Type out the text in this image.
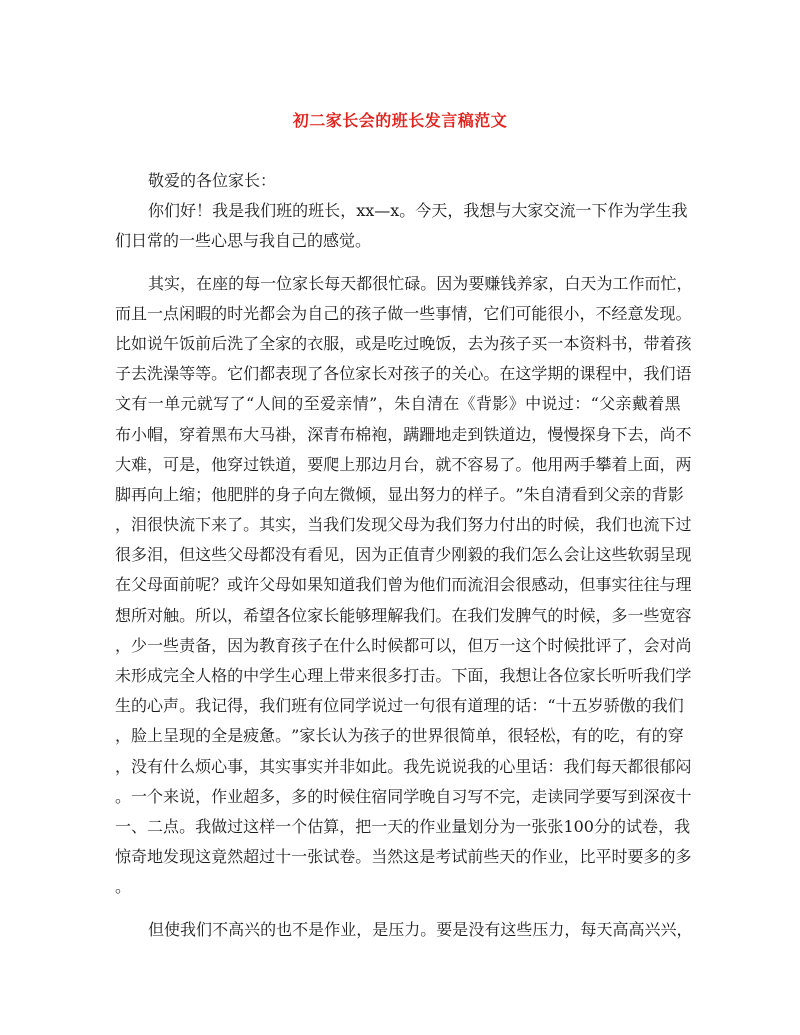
初二家长会的班长发言稿范文
敬爱的各位家长：
你 们 好 ！ 我 是 我 们 班 的 班 长 ， xx — x 。 今 天 ， 我 想 与 大 家 交 流 一 下 作 为 学 生 我
们日常的一些心思与我自己的感觉。
其 实 ， 在 座 的 每 一 位 家 长 每 天 都 很 忙 碌 。 因 为 要 赚 钱 养 家 ， 白 天 为 工 作 而 忙 ，
而 且 一 点 闲 暇 的 时 光 都 会 为 自 己 的 孩 子 做 一 些 事 情 ， 它 们 可 能 很 小 ， 不 经 意 发 现 。
比 如 说 午 饭 前 后 洗 了 全 家 的 衣 服 ， 或 是 吃 过 晚 饭 ， 去 为 孩 子 买 一 本 资 料 书 ， 带 着 孩
子 去 洗 澡 等 等 。 它 们 都 表 现 了 各 位 家 长 对 孩 子 的 关 心 。 在 这 学 期 的 课 程 中 ， 我 们 语
文 有 一 单 元 就 写 了 “ 人 间 的 至 爱 亲 情 ” ， 朱 自 清 在 《 背 影 》 中 说 过 ： “ 父 亲 戴 着 黑
布 小 帽 ， 穿 着 黑 布 大 马 褂 ， 深 青 布 棉 袍 ， 蹒 跚 地 走 到 铁 道 边 ， 慢 慢 探 身 下 去 ， 尚 不
大 难 ， 可 是 ， 他 穿 过 铁 道 ， 要 爬 上 那 边 月 台 ， 就 不 容 易 了 。 他 用 两 手 攀 着 上 面 ， 两
脚 再 向 上 缩 ； 他 肥 胖 的 身 子 向 左 微 倾 ， 显 出 努 力 的 样 子 。 ” 朱 自 清 看 到 父 亲 的 背 影
， 泪 很 快 流 下 来 了 。 其 实 ， 当 我 们 发 现 父 母 为 我 们 努 力 付 出 的 时 候 ， 我 们 也 流 下 过
很 多 泪 ， 但 这 些 父 母 都 没 有 看 见 ， 因 为 正 值 青 少 刚 毅 的 我 们 怎 么 会 让 这 些 软 弱 呈 现
在 父 母 面 前 呢 ？ 或 许 父 母 如 果 知 道 我 们 曾 为 他 们 而 流 泪 会 很 感 动 ， 但 事 实 往 往 与 理
想 所 对 触 。 所 以 ， 希 望 各 位 家 长 能 够 理 解 我 们 。 在 我 们 发 脾 气 的 时 候 ， 多 一 些 宽 容
， 少 一 些 责 备 ， 因 为 教 育 孩 子 在 什 么 时 候 都 可 以 ， 但 万 一 这 个 时 候 批 评 了 ， 会 对 尚
未 形 成 完 全 人 格 的 中 学 生 心 理 上 带 来 很 多 打 击 。 下 面 ， 我 想 让 各 位 家 长 听 听 我 们 学
生 的 心 声 。 我 记 得 ， 我 们 班 有 位 同 学 说 过 一 句 很 有 道 理 的 话 ： “ 十 五 岁 骄 傲 的 我 们
， 脸 上 呈 现 的 全 是 疲 惫 。 ” 家 长 认 为 孩 子 的 世 界 很 简 单 ， 很 轻 松 ， 有 的 吃 ， 有 的 穿
， 没 有 什 么 烦 心 事 ， 其 实 事 实 并 非 如 此 。 我 先 说 说 我 的 心 里 话 ： 我 们 每 天 都 很 郁 闷
。 一 个 来 说 ， 作 业 超 多 ， 多 的 时 候 住 宿 同 学 晚 自 习 写 不 完 ， 走 读 同 学 要 写 到 深 夜 十
一 、 二 点 。 我 做 过 这 样 一 个 估 算 ， 把 一 天 的 作 业 量 划 分 为 一 张 张 100 分 的 试 卷 ， 我
惊 奇 地 发 现 这 竟 然 超 过 十 一 张 试 卷 。 当 然 这 是 考 试 前 些 天 的 作 业 ， 比 平 时 要 多 的 多
。
但 使 我 们 不 高 兴 的 也 不 是 作 业 ， 是 压 力 。 要 是 没 有 这 些 压 力 ， 每 天 高 高 兴 兴 ，
